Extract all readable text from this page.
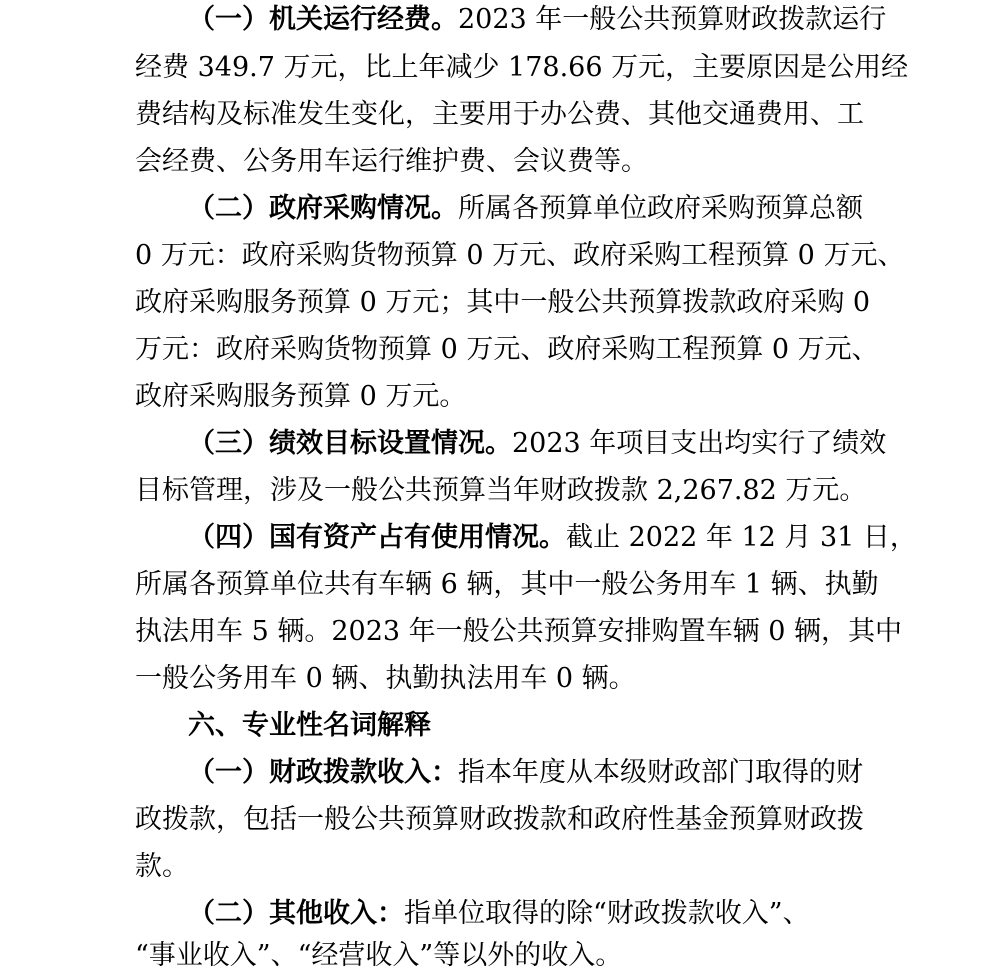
（一）机关运行经费。2023 年一般公共预算财政拨款运行
经费 349.7 万元，比上年减少 178.66 万元，主要原因是公用经
费结构及标准发生变化，主要用于办公费、其他交通费用、工
会经费、公务用车运行维护费、会议费等。
（二）政府采购情况。所属各预算单位政府采购预算总额
0 万元：政府采购货物预算 0 万元、政府采购工程预算 0 万元、
政府采购服务预算 0 万元；其中一般公共预算拨款政府采购 0
万元：政府采购货物预算 0 万元、政府采购工程预算 0 万元、
政府采购服务预算 0 万元。
（三）绩效目标设置情况。2023 年项目支出均实行了绩效
目标管理，涉及一般公共预算当年财政拨款 2,267.82 万元。
（四）国有资产占有使用情况。截止 2022 年 12 月 31 日，
所属各预算单位共有车辆 6 辆，其中一般公务用车 1 辆、执勤
执法用车 5 辆。2023 年一般公共预算安排购置车辆 0 辆，其中
一般公务用车 0 辆、执勤执法用车 0 辆。
六、专业性名词解释
（一）财政拨款收入：指本年度从本级财政部门取得的财
政拨款，包括一般公共预算财政拨款和政府性基金预算财政拨
款。
（二）其他收入：指单位取得的除“财政拨款收入”、
“事业收入”、“经营收入”等以外的收入。
